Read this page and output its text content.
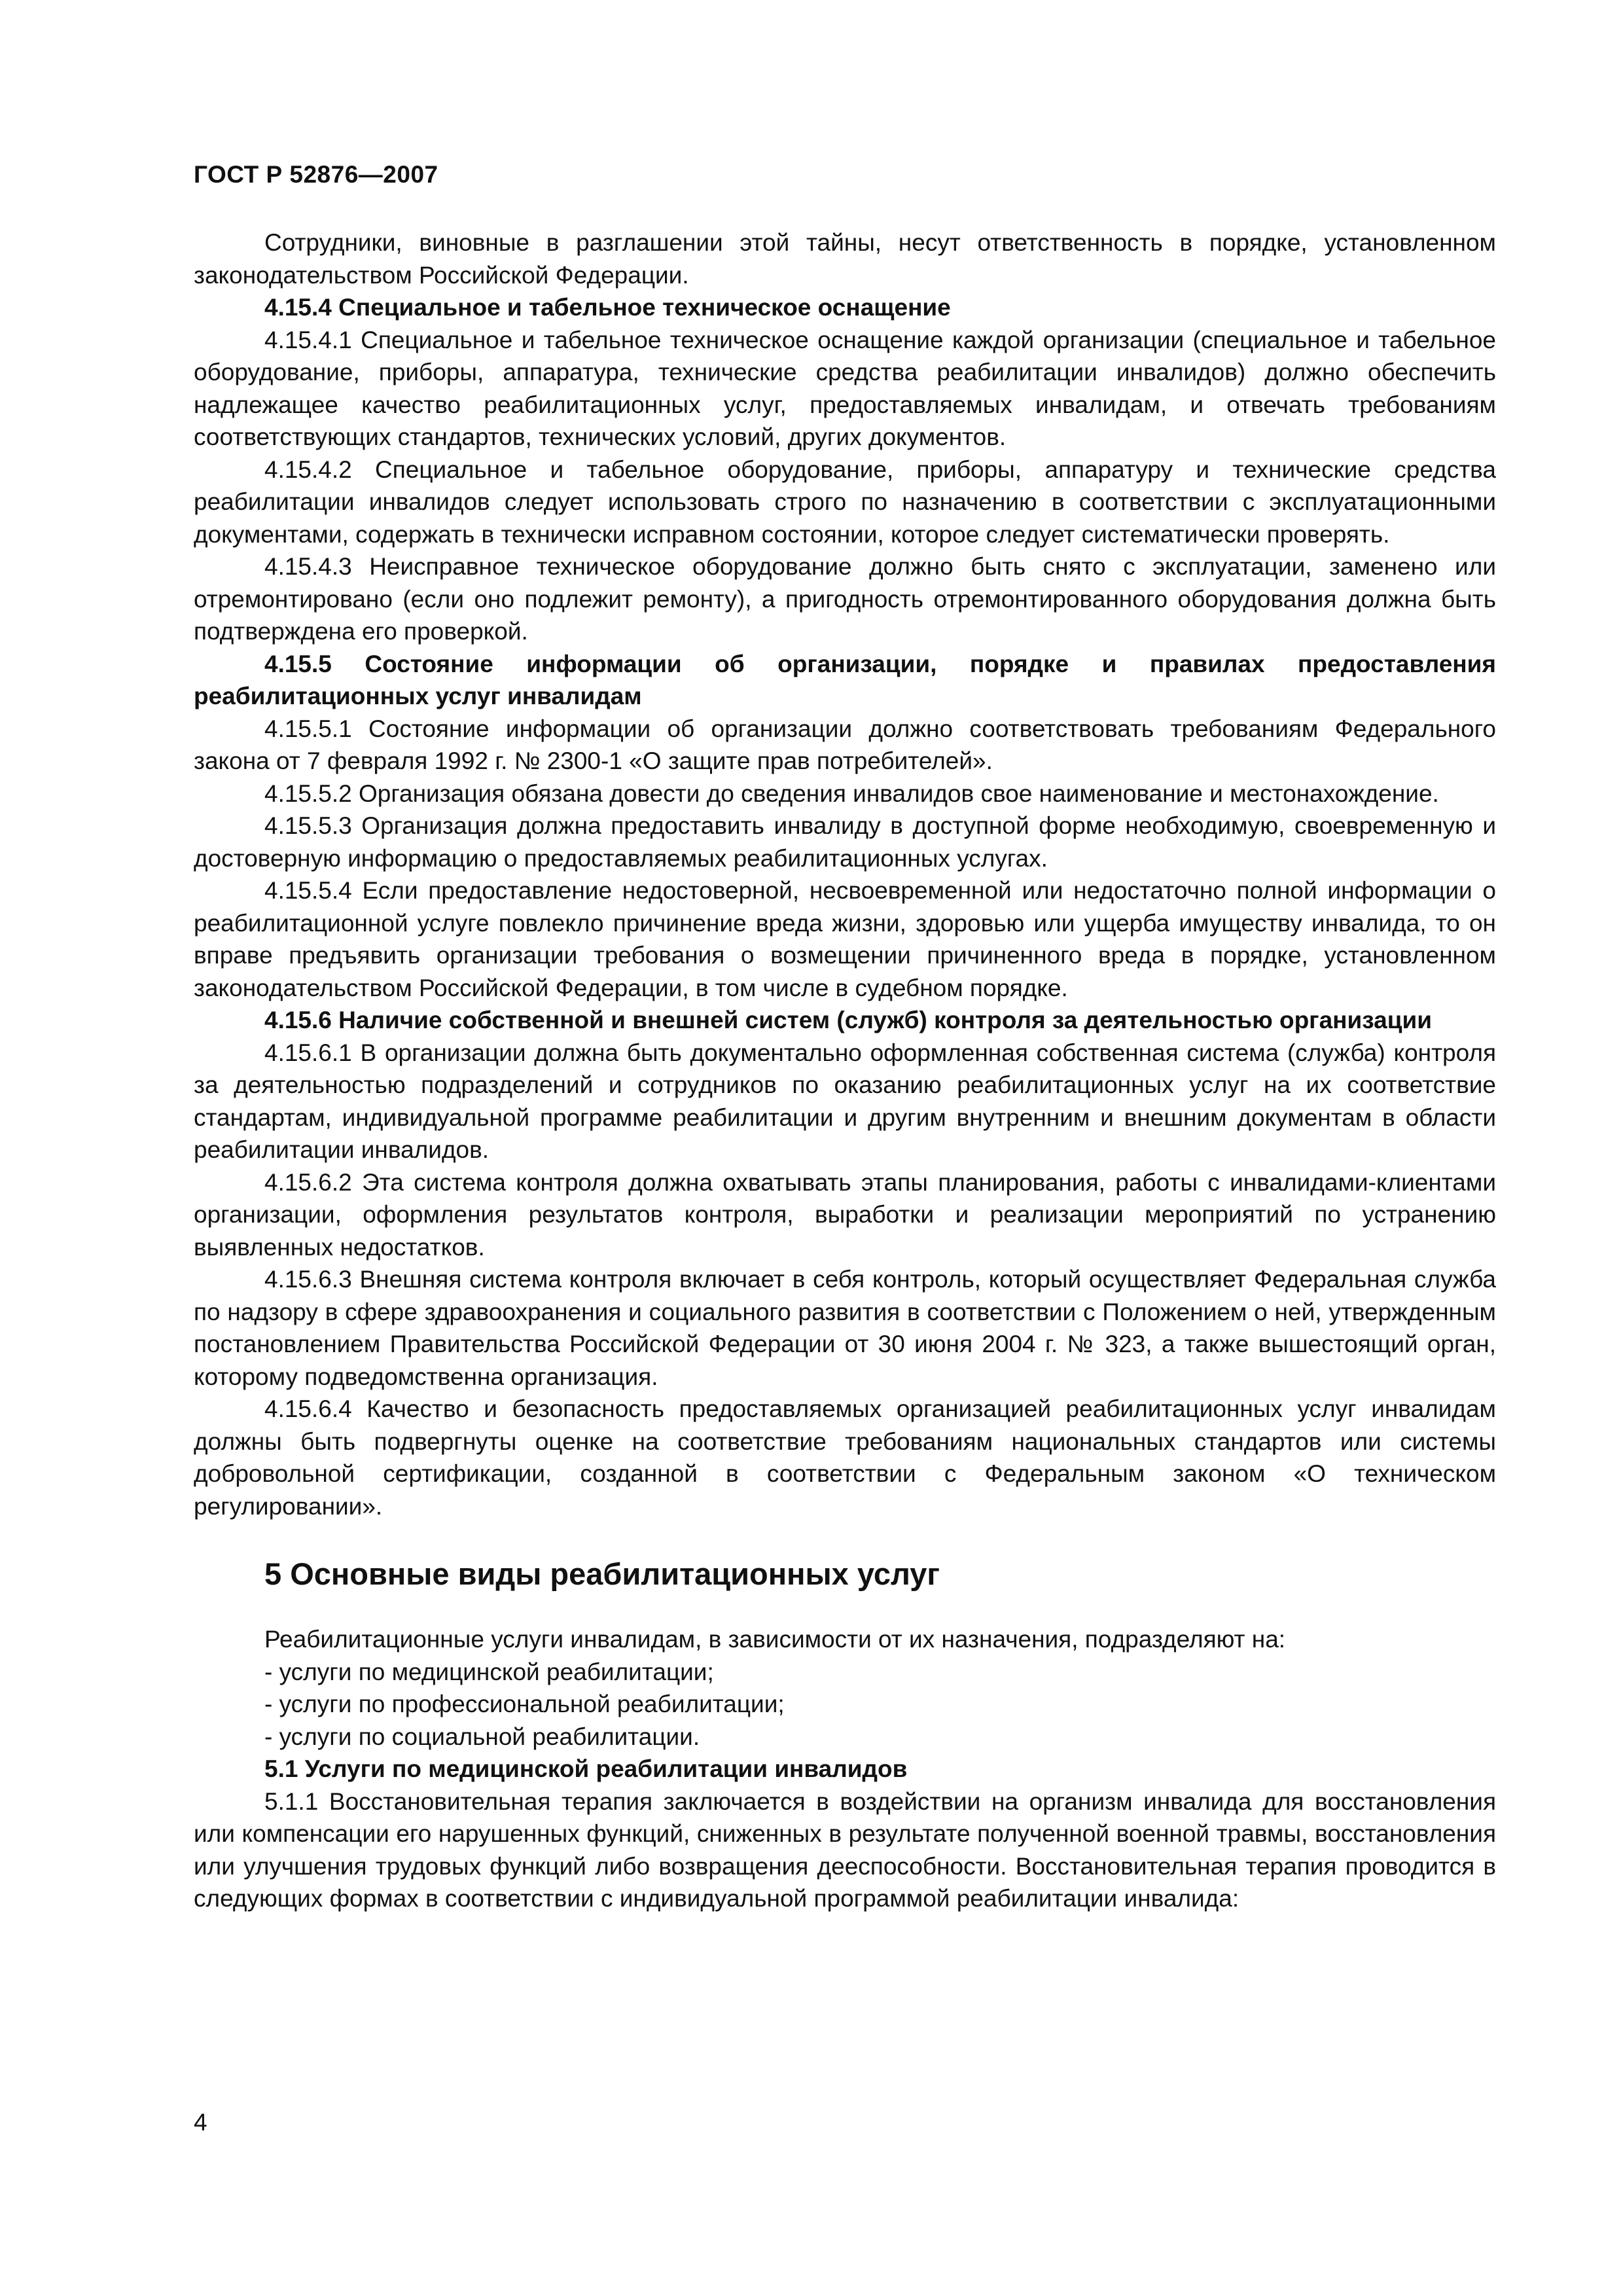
ГОСТ Р 52876—2007

Сотрудники, виновные в разглашении этой тайны, несут ответственность в порядке, установленном законодательством Российской Федерации.

4.15.4 Специальное и табельное техническое оснащение

4.15.4.1 Специальное и табельное техническое оснащение каждой организации (специальное и табельное оборудование, приборы, аппаратура, технические средства реабилитации инвалидов) должно обеспечить надлежащее качество реабилитационных услуг, предоставляемых инвалидам, и отвечать требованиям соответствующих стандартов, технических условий, других документов.

4.15.4.2 Специальное и табельное оборудование, приборы, аппаратуру и технические средства реабилитации инвалидов следует использовать строго по назначению в соответствии с эксплуатационными документами, содержать в технически исправном состоянии, которое следует систематически проверять.

4.15.4.3 Неисправное техническое оборудование должно быть снято с эксплуатации, заменено или отремонтировано (если оно подлежит ремонту), а пригодность отремонтированного оборудования должна быть подтверждена его проверкой.

4.15.5 Состояние информации об организации, порядке и правилах предоставления реабилитационных услуг инвалидам

4.15.5.1 Состояние информации об организации должно соответствовать требованиям Федерального закона от 7 февраля 1992 г. № 2300-1 «О защите прав потребителей».

4.15.5.2 Организация обязана довести до сведения инвалидов свое наименование и местонахождение.

4.15.5.3 Организация должна предоставить инвалиду в доступной форме необходимую, своевременную и достоверную информацию о предоставляемых реабилитационных услугах.

4.15.5.4 Если предоставление недостоверной, несвоевременной или недостаточно полной информации о реабилитационной услуге повлекло причинение вреда жизни, здоровью или ущерба имуществу инвалида, то он вправе предъявить организации требования о возмещении причиненного вреда в порядке, установленном законодательством Российской Федерации, в том числе в судебном порядке.

4.15.6 Наличие собственной и внешней систем (служб) контроля за деятельностью организации

4.15.6.1 В организации должна быть документально оформленная собственная система (служба) контроля за деятельностью подразделений и сотрудников по оказанию реабилитационных услуг на их соответствие стандартам, индивидуальной программе реабилитации и другим внутренним и внешним документам в области реабилитации инвалидов.

4.15.6.2 Эта система контроля должна охватывать этапы планирования, работы с инвалидами-клиентами организации, оформления результатов контроля, выработки и реализации мероприятий по устранению выявленных недостатков.

4.15.6.3 Внешняя система контроля включает в себя контроль, который осуществляет Федеральная служба по надзору в сфере здравоохранения и социального развития в соответствии с Положением о ней, утвержденным постановлением Правительства Российской Федерации от 30 июня 2004 г. № 323, а также вышестоящий орган, которому подведомственна организация.

4.15.6.4 Качество и безопасность предоставляемых организацией реабилитационных услуг инвалидам должны быть подвергнуты оценке на соответствие требованиям национальных стандартов или системы добровольной сертификации, созданной в соответствии с Федеральным законом «О техническом регулировании».

5 Основные виды реабилитационных услуг

Реабилитационные услуги инвалидам, в зависимости от их назначения, подразделяют на:

- услуги по медицинской реабилитации;

- услуги по профессиональной реабилитации;

- услуги по социальной реабилитации.

5.1 Услуги по медицинской реабилитации инвалидов

5.1.1 Восстановительная терапия заключается в воздействии на организм инвалида для восстановления или компенсации его нарушенных функций, сниженных в результате полученной военной травмы, восстановления или улучшения трудовых функций либо возвращения дееспособности. Восстановительная терапия проводится в следующих формах в соответствии с индивидуальной программой реабилитации инвалида:

4
